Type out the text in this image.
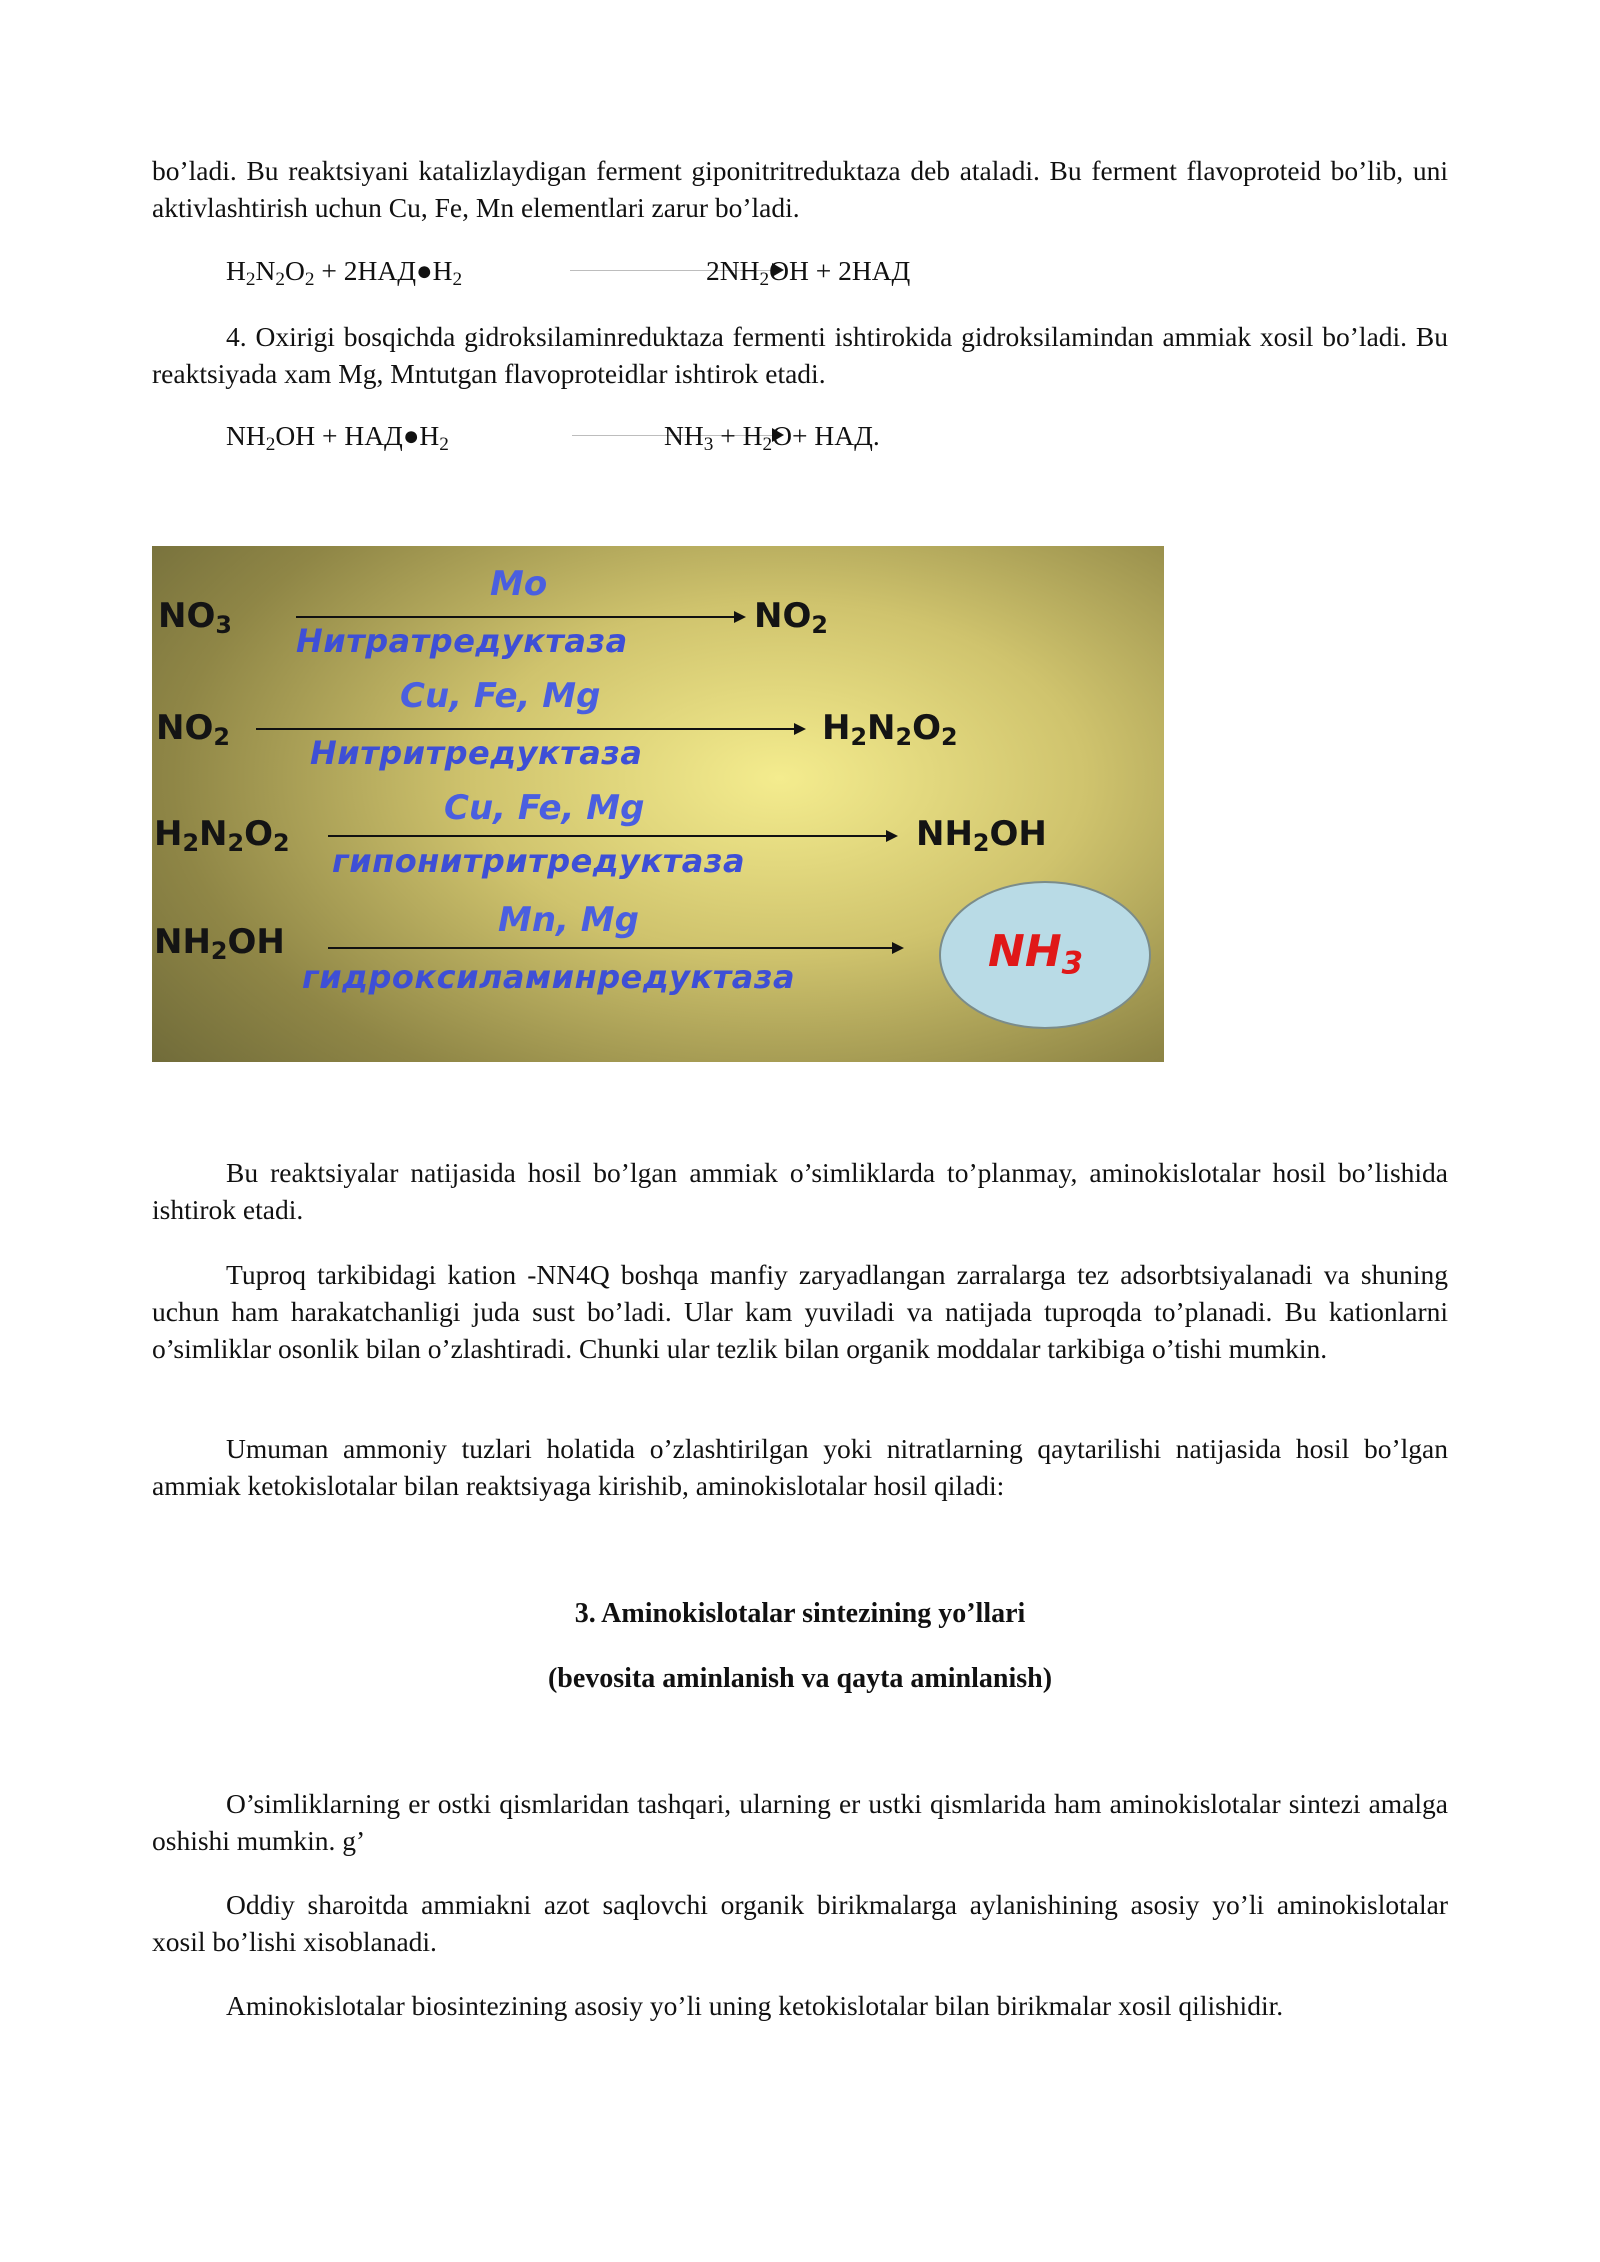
bo’ladi. Bu reaktsiyani katalizlaydigan ferment giponitritreduktaza deb ataladi. Bu ferment flavoproteid bo’lib, uni aktivlashtirish uchun Cu, Fe, Mn elementlari zarur bo’ladi.

$H_2N_2O_2$ + $2НАД●H_2$	$2NH_2OH + 2НАД$

4. Oxirigi bosqichda gidroksilaminreduktaza fermenti ishtirokida gidroksilamindan ammiak xosil bo’ladi. Bu reaktsiyada xam Mg, Mntutgan flavoproteidlar ishtirok etadi.

$NH_2OH$ + $НАД●H_2$	$NH_3 + H_2O+$ НАД.
$NO_3$
Mo
$NO_2$
Нитратредуктаза
$NO_2$
Cu, Fe, Mg
$H_2N_2O_2$
Нитритредуктаза
$H_2N_2O_2$
Cu, Fe, Mg
$NH_2OH$
гипонитритредуктаза
$NH_2OH$
Mn, Mg
гидроксиламинредуктаза	$NH_3$

Bu reaktsiyalar natijasida hosil bo’lgan ammiak o’simliklarda to’planmay, aminokislotalar hosil bo’lishida ishtirok etadi.

Tuproq tarkibidagi kation -NN4Q boshqa manfiy zaryadlangan zarralarga tez adsorbtsiyalanadi va shuning uchun ham harakatchanligi juda sust bo’ladi. Ular kam yuviladi va natijada tuproqda to’planadi. Bu kationlarni o’simliklar osonlik bilan o’zlashtiradi. Chunki ular tezlik bilan organik moddalar tarkibiga o’tishi mumkin.

Umuman ammoniy tuzlari holatida o’zlashtirilgan yoki nitratlarning qaytarilishi natijasida hosil bo’lgan ammiak ketokislotalar bilan reaktsiyaga kirishib, aminokislotalar hosil qiladi:

3. Aminokislotalar sintezining yo’llari
(bevosita aminlanish va qayta aminlanish)

O’simliklarning er ostki qismlaridan tashqari, ularning er ustki qismlarida ham aminokislotalar sintezi amalga oshishi mumkin. g’

Oddiy sharoitda ammiakni azot saqlovchi organik birikmalarga aylanishining asosiy yo’li aminokislotalar xosil bo’lishi xisoblanadi.

Aminokislotalar biosintezining asosiy yo’li uning ketokislotalar bilan birikmalar xosil qilishidir.
